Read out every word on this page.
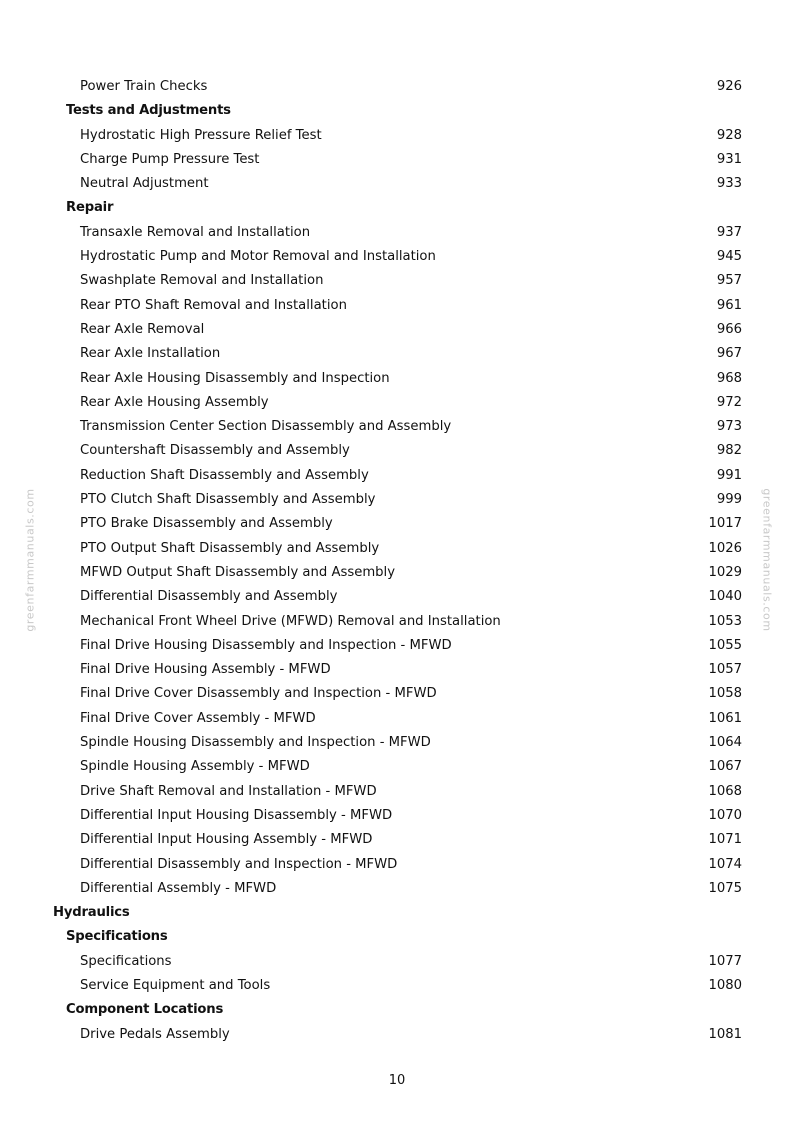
Power Train Checks	926
Tests and Adjustments
Hydrostatic High Pressure Relief Test	928
Charge Pump Pressure Test	931
Neutral Adjustment	933
Repair
Transaxle Removal and Installation	937
Hydrostatic Pump and Motor Removal and Installation	945
Swashplate Removal and Installation	957
Rear PTO Shaft Removal and Installation	961
Rear Axle Removal	966
Rear Axle Installation	967
Rear Axle Housing Disassembly and Inspection	968
Rear Axle Housing Assembly	972
Transmission Center Section Disassembly and Assembly	973
Countershaft Disassembly and Assembly	982
Reduction Shaft Disassembly and Assembly	991
PTO Clutch Shaft Disassembly and Assembly	999
PTO Brake Disassembly and Assembly	1017
PTO Output Shaft Disassembly and Assembly	1026
MFWD Output Shaft Disassembly and Assembly	1029
Differential Disassembly and Assembly	1040
Mechanical Front Wheel Drive (MFWD) Removal and Installation	1053
Final Drive Housing Disassembly and Inspection - MFWD	1055
Final Drive Housing Assembly - MFWD	1057
Final Drive Cover Disassembly and Inspection - MFWD	1058
Final Drive Cover Assembly - MFWD	1061
Spindle Housing Disassembly and Inspection - MFWD	1064
Spindle Housing Assembly - MFWD	1067
Drive Shaft Removal and Installation - MFWD	1068
Differential Input Housing Disassembly - MFWD	1070
Differential Input Housing Assembly - MFWD	1071
Differential Disassembly and Inspection - MFWD	1074
Differential Assembly - MFWD	1075
Hydraulics
Specifications
Specifications	1077
Service Equipment and Tools	1080
Component Locations
Drive Pedals Assembly	1081
greenfarmmanuals.com	greenfarmmanuals.com
10
